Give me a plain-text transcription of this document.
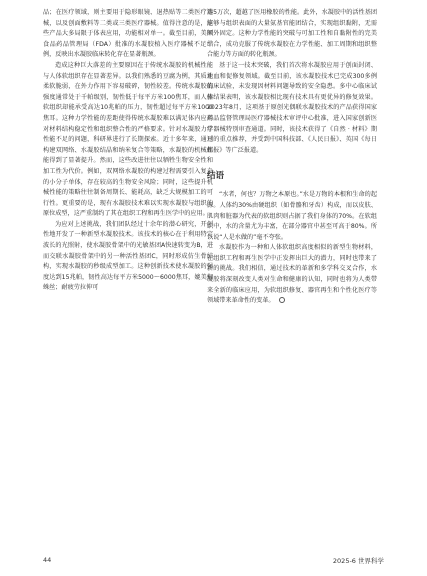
品；在医疗领域，则主要用于隐形眼镜、退热贴等二类医疗器械，以及创面敷料等二类或三类医疗器械。值得注意的是，这些产品大多局限于体表应用，功能相对单一。截至目前，美国食品药品管理局（FDA）批准的水凝胶植入医疗器械不足十例，反映出水凝胶临床转化存在显著瓶颈。

造成这种巨大落差的主要原因在于传统水凝胶的机械性能与人体软组织存在显著差异。以我们熟悉的豆腐为例，其质地柔软脆弱，在外力作用下容易破碎，韧性较差。传统水凝胶的强度通常处于千帕级别，韧性低于每平方米100焦耳，而人体软组织却能承受高达10兆帕的压力，韧性超过每平方米1000焦耳。这种力学性能的差距使得传统水凝胶难以满足体内应用对材料结构稳定性和组织整合性的严格要求。针对水凝胶力学性能不足的问题，科研界进行了长期探索。近十多年来，通过构建双网络、水凝胶结晶和纳米复合等策略，水凝胶的机械性能得到了显著提升。然而，这些改进往往以牺牲生物安全性和加工性为代价。例如，双网络水凝胶的构建过程需要引入复杂的小分子单体，存在较高的生物安全风险；同时，这些提升机械性能的策略往往制备周期长、能耗高，缺乏大规模加工的可行性。更重要的是，现有水凝胶技术难以实现水凝胶与组织的原位成型，这严重制约了其在组织工程和再生医学中的应用。

为应对上述挑战，我们团队经过十余年的潜心研究，开创性地开发了一种新型水凝胶技术。该技术的核心在于利用特定波长的光照射，使水凝胶骨架中的光敏基团A快速转变为B，进而交联水凝胶骨架中的另一种活性基团C，同时形成仿生骨结构，实现水凝胶的秒级成型加工。这种创新技术使水凝胶的强度达到15兆帕，韧性高达每平方米5000～6000焦耳，媲美蜘蛛丝；耐疲劳拉伸可

达5万次，超越了医用橡胶的性能。此外，水凝胶中的活性基团能够与组织表面的大量氨基官能团结合，实现组织黏附，无需额外固定。这种力学性能的突破与可加工性和自黏附性的完美结合，成功克服了传统水凝胶在力学性能、加工周期和组织整合能力等方面的转化瓶颈。

基于这一技术突破，我们首次将水凝胶应用于创面封闭、止血和促修复领域。截至目前，该水凝胶技术已完成300多例临床试验，未发现因材料问题导致的安全隐患。多中心临床试验结果表明，该水凝胶相比现有技术具有更优异的修复效果。2023年8月，这项基于原创光偶联水凝胶技术的产品获得国家药品监督管理局医疗器械技术审评中心批准，进入国家创新医疗器械特别审查通道。同时，该技术获得了《自然 · 材料》期刊的重点推荐，并受到中国科技部、《人民日报》、英国《每日邮报》等广泛报道。

结语

“水者，何也？万物之本原也。”水是万物的本根和生命的起源。人体约30%由硬组织（如骨骼和牙齿）构成，而以皮肤、肌肉和脏器为代表的软组织则占据了我们身体的70%。在软组织中，水的含量尤为丰富，在部分器官中甚至可高于80%。所以说“人是水做的”毫不夸张。

水凝胶作为一种和人体软组织高度相似的新型生物材料，在组织工程和再生医学中正发挥出巨大的潜力，同时也带来了新的挑战。我们相信，通过技术的革新和多学科交叉合作，水凝胶将深刻改变人类对生命和健康的认知，同时也将为人类带来全新的临床应用，为软组织修复、器官再生和个性化医疗等领域带来革命性的变革。

44	2025-6 世界科学
